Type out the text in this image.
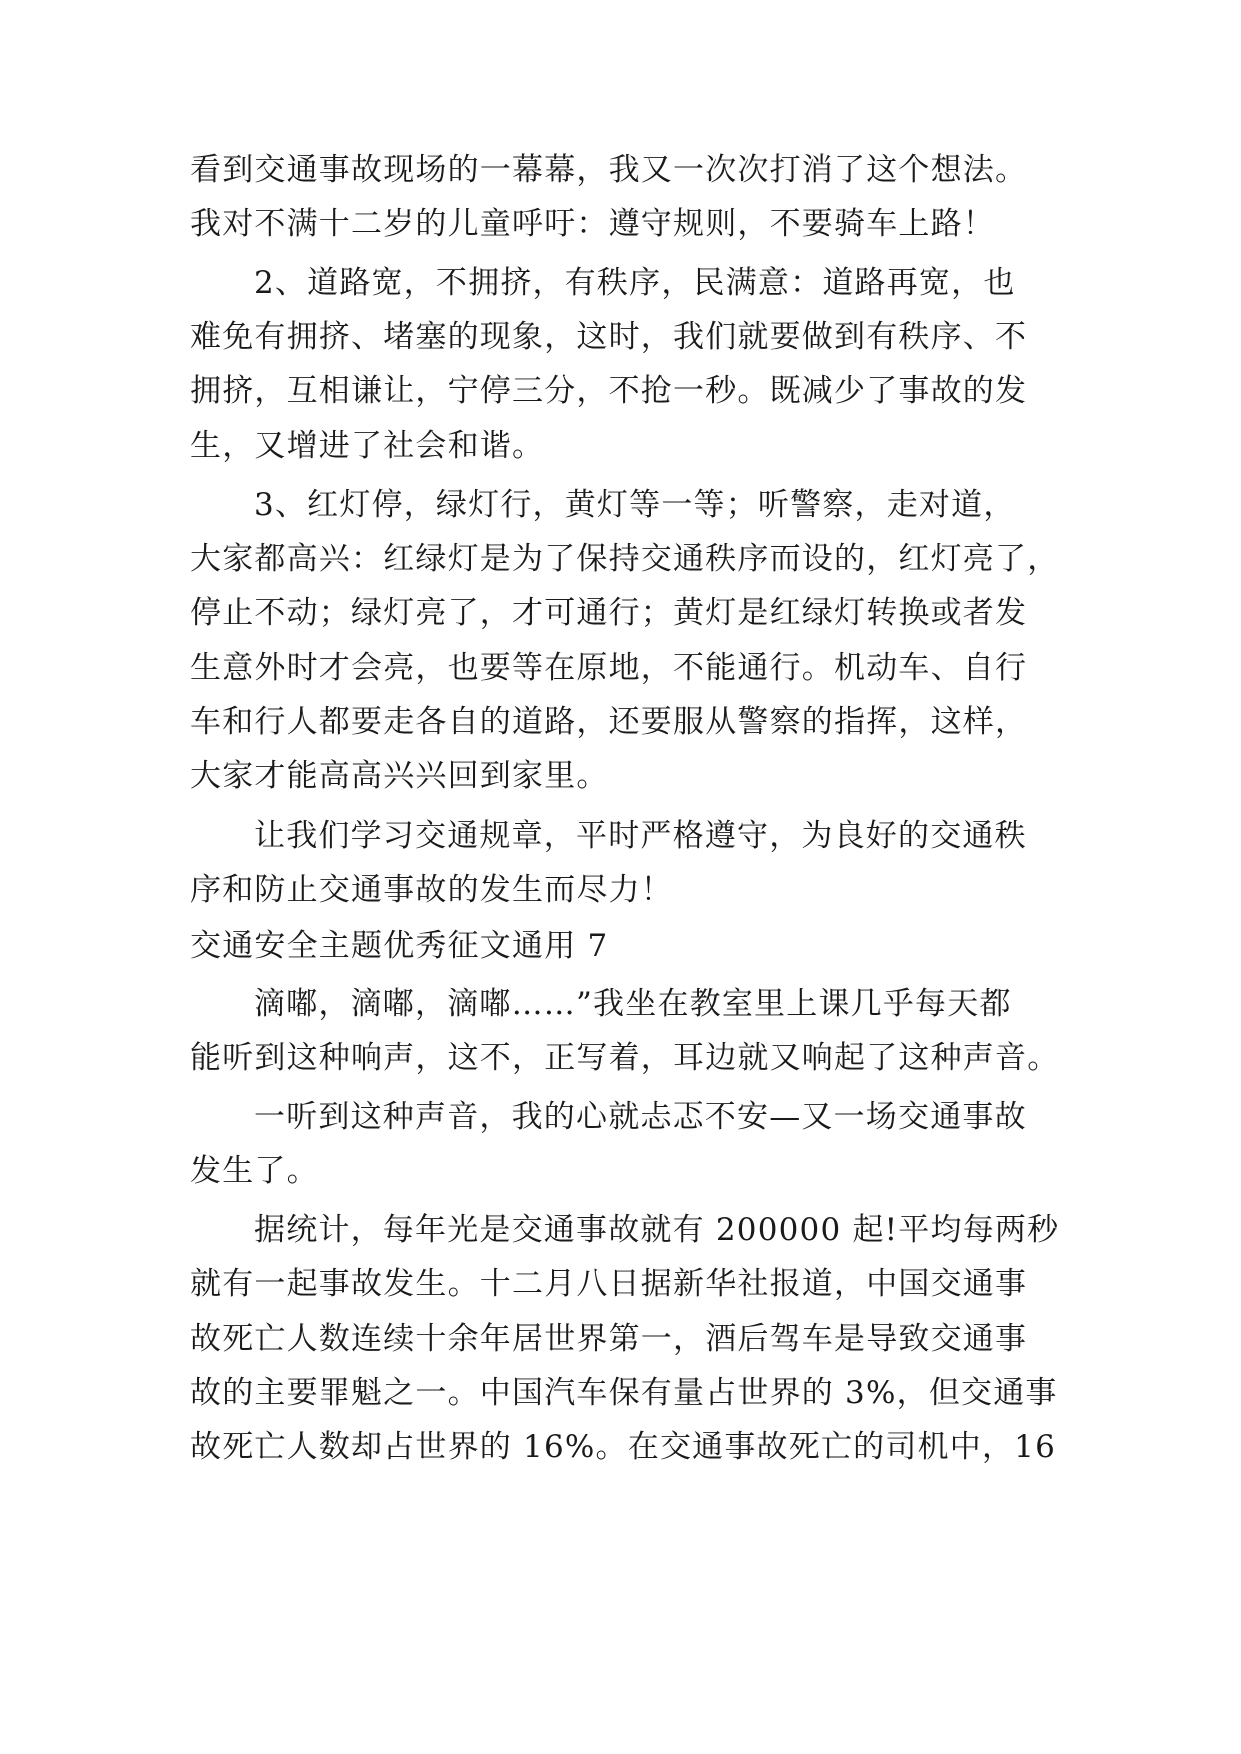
看到交通事故现场的一幕幕，我又一次次打消了这个想法。
我对不满十二岁的儿童呼吁：遵守规则，不要骑车上路！
2、道路宽，不拥挤，有秩序，民满意：道路再宽，也
难免有拥挤、堵塞的现象，这时，我们就要做到有秩序、不
拥挤，互相谦让，宁停三分，不抢一秒。既减少了事故的发
生，又增进了社会和谐。
3、红灯停，绿灯行，黄灯等一等；听警察，走对道，
大家都高兴：红绿灯是为了保持交通秩序而设的，红灯亮了，
停止不动；绿灯亮了，才可通行；黄灯是红绿灯转换或者发
生意外时才会亮，也要等在原地，不能通行。机动车、自行
车和行人都要走各自的道路，还要服从警察的指挥，这样，
大家才能高高兴兴回到家里。
让我们学习交通规章，平时严格遵守，为良好的交通秩
序和防止交通事故的发生而尽力！
交通安全主题优秀征文通用 7
滴嘟，滴嘟，滴嘟……”我坐在教室里上课几乎每天都
能听到这种响声，这不，正写着，耳边就又响起了这种声音。
一听到这种声音，我的心就忐忑不安—又一场交通事故
发生了。
据统计，每年光是交通事故就有 200000 起!平均每两秒
就有一起事故发生。十二月八日据新华社报道，中国交通事
故死亡人数连续十余年居世界第一，酒后驾车是导致交通事
故的主要罪魁之一。中国汽车保有量占世界的 3%，但交通事
故死亡人数却占世界的 16%。在交通事故死亡的司机中，16
